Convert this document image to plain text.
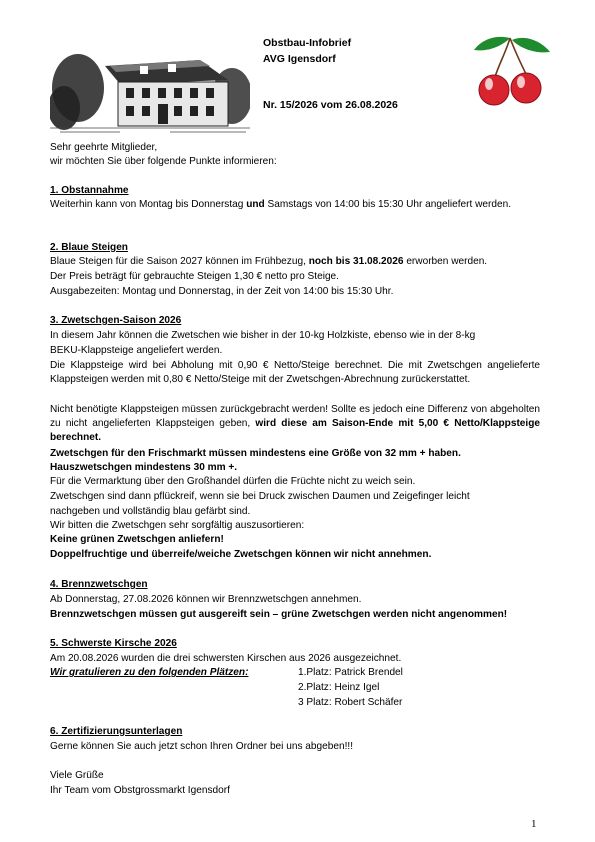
Obstbau-Infobrief
AVG Igensdorf
Nr. 15/2026 vom 26.08.2026
Sehr geehrte Mitglieder,
wir möchten Sie über folgende Punkte informieren:
1. Obstannahme

Weiterhin kann von Montag bis Donnerstag und Samstags von 14:00 bis 15:30 Uhr angeliefert werden.

2. Blaue Steigen
Blaue Steigen für die Saison 2027 können im Frühbezug, noch bis 31.08.2026 erworben werden.
Der Preis beträgt für gebrauchte Steigen 1,30 € netto pro Steige.
Ausgabezeiten: Montag und Donnerstag, in der Zeit von 14:00 bis 15:30 Uhr.
3. Zwetschgen-Saison 2026
In diesem Jahr können die Zwetschen wie bisher in der 10-kg Holzkiste, ebenso wie in der 8-kg
BEKU-Klappsteige angeliefert werden.

Die Klappsteige wird bei Abholung mit 0,90 € Netto/Steige berechnet. Die mit Zwetschgen angelieferte Klappsteigen werden mit 0,80 € Netto/Steige mit der Zwetschgen-Abrechnung zurückerstattet.

Nicht benötigte Klappsteigen müssen zurückgebracht werden! Sollte es jedoch eine Differenz von abgeholten zu nicht angelieferten Klappsteigen geben, wird diese am Saison-Ende mit 5,00 € Netto/Klappsteige berechnet.

Zwetschgen für den Frischmarkt müssen mindestens eine Größe von 32 mm + haben.
Hauszwetschgen mindestens 30 mm +.
Für die Vermarktung über den Großhandel dürfen die Früchte nicht zu weich sein.
Zwetschgen sind dann pflückreif, wenn sie bei Druck zwischen Daumen und Zeigefinger leicht
nachgeben und vollständig blau gefärbt sind.
Wir bitten die Zwetschgen sehr sorgfältig auszusortieren:
Keine grünen Zwetschgen anliefern!
Doppelfruchtige und überreife/weiche Zwetschgen können wir nicht annehmen.
4. Brennzwetschgen
Ab Donnerstag, 27.08.2026 können wir Brennzwetschgen annehmen.
Brennzwetschgen müssen gut ausgereift sein – grüne Zwetschgen werden nicht angenommen!
5. Schwerste Kirsche 2026
Am 20.08.2026 wurden die drei schwersten Kirschen aus 2026 ausgezeichnet.
Wir gratulieren zu den folgenden Plätzen:	1.Platz: Patrick Brendel
2.Platz: Heinz Igel
3 Platz: Robert Schäfer
6. Zertifizierungsunterlagen
Gerne können Sie auch jetzt schon Ihren Ordner bei uns abgeben!!!
Viele Grüße
Ihr Team vom Obstgrossmarkt Igensdorf
1
